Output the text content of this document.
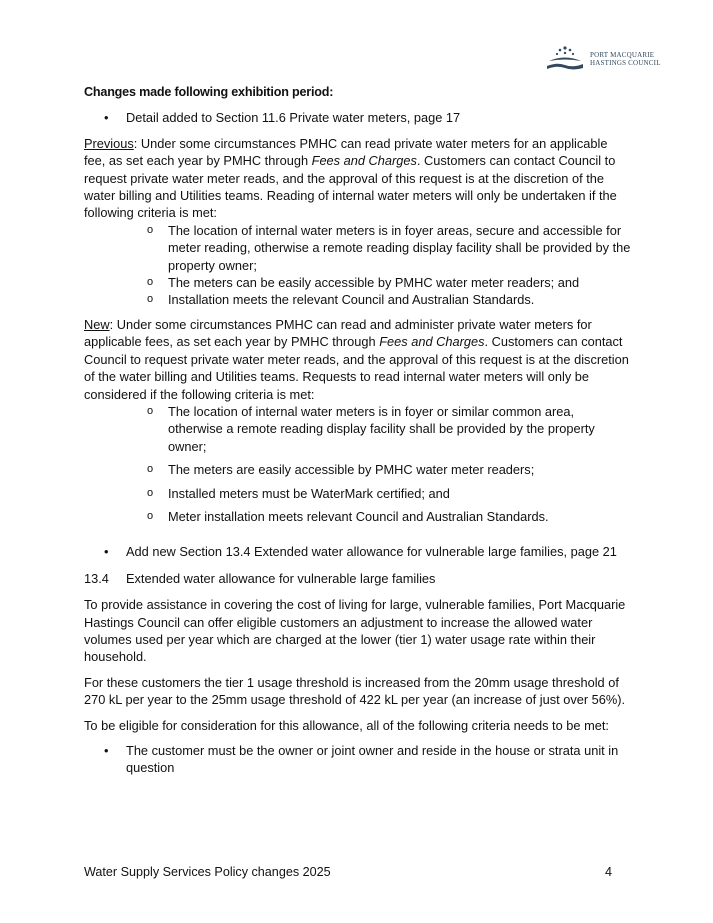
PORT MACQUARIE
HASTINGS COUNCIL

Changes made following exhibition period:

• Detail added to Section 11.6 Private water meters, page 17

Previous: Under some circumstances PMHC can read private water meters for an applicable fee, as set each year by PMHC through Fees and Charges. Customers can contact Council to request private water meter reads, and the approval of this request is at the discretion of the water billing and Utilities teams. Reading of internal water meters will only be undertaken if the following criteria is met:

o The location of internal water meters is in foyer areas, secure and accessible for meter reading, otherwise a remote reading display facility shall be provided by the property owner;
o The meters can be easily accessible by PMHC water meter readers; and
o Installation meets the relevant Council and Australian Standards.

New: Under some circumstances PMHC can read and administer private water meters for applicable fees, as set each year by PMHC through Fees and Charges. Customers can contact Council to request private water meter reads, and the approval of this request is at the discretion of the water billing and Utilities teams. Requests to read internal water meters will only be considered if the following criteria is met:

o The location of internal water meters is in foyer or similar common area, otherwise a remote reading display facility shall be provided by the property owner;
o The meters are easily accessible by PMHC water meter readers;
o Installed meters must be WaterMark certified; and
o Meter installation meets relevant Council and Australian Standards.
• Add new Section 13.4 Extended water allowance for vulnerable large families, page 21

13.4 Extended water allowance for vulnerable large families

To provide assistance in covering the cost of living for large, vulnerable families, Port Macquarie Hastings Council can offer eligible customers an adjustment to increase the allowed water volumes used per year which are charged at the lower (tier 1) water usage rate within their household.

For these customers the tier 1 usage threshold is increased from the 20mm usage threshold of 270 kL per year to the 25mm usage threshold of 422 kL per year (an increase of just over 56%).

To be eligible for consideration for this allowance, all of the following criteria needs to be met:

• The customer must be the owner or joint owner and reside in the house or strata unit in question
Water Supply Services Policy changes 2025	4
